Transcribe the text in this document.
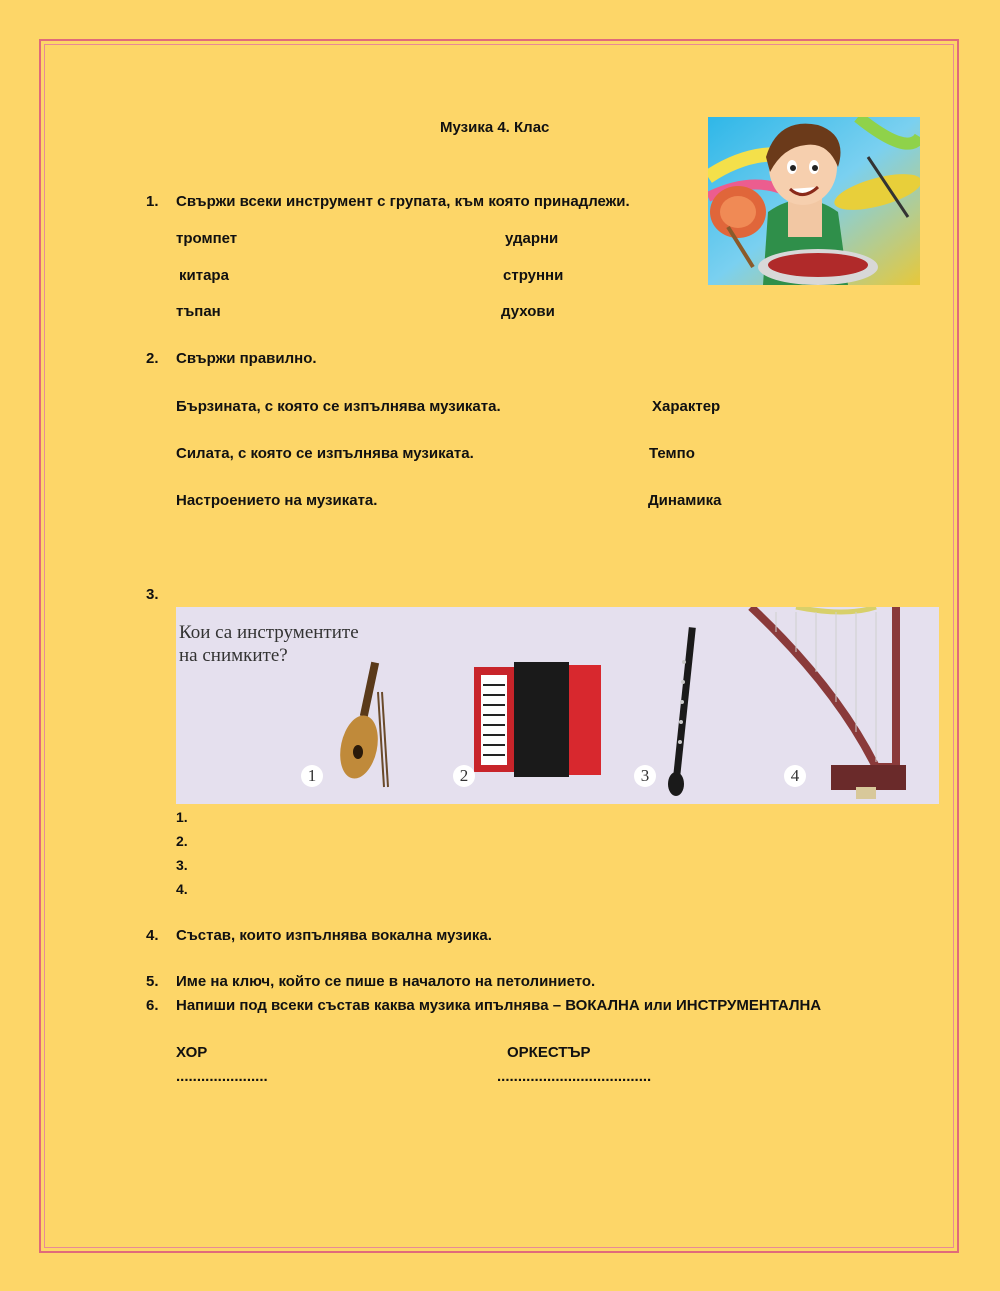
Музика 4. Клас
1. Свържи всеки инструмент с групата, към която принадлежи.
тромпет	ударни
китара	струнни
тъпан	духови
2. Свържи правилно.
Бързината, с която се изпълнява музиката.	Характер
Силата, с която се изпълнява музиката.	Темпо
Настроението на музиката.	Динамика
3.
Кои са инструментите
на снимките?
1	2	3	4
1.
2.
3.
4.
4. Състав, които изпълнява вокална музика.
5. Име на ключ, който се пише в началото на петолинието.
6. Напиши под всеки състав каква музика ипълнява – ВОКАЛНА или ИНСТРУМЕНТАЛНА
ХОР	ОРКЕСТЪР
......................	.....................................
